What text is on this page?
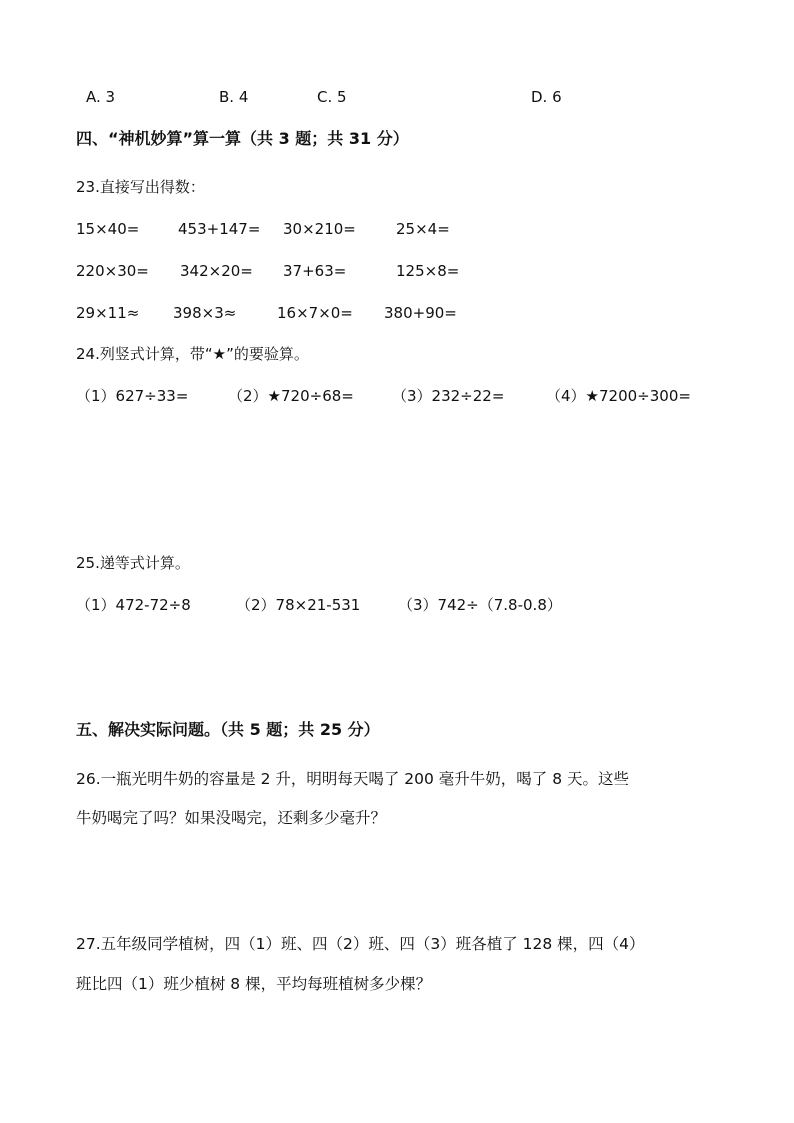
A. 3	B. 4	C. 5	D. 6
四、“神机妙算”算一算（共 3 题；共 31 分）
23.直接写出得数：
15×40=	453+147= 30×210=	25×4=
220×30= 342×20= 37+63=	125×8=
29×11≈ 398×3≈	16×7×0= 380+90=
24.列竖式计算，带“★”的要验算。
（1）627÷33=	（2）★720÷68=	（3）232÷22=	（4）★7200÷300=
25.递等式计算。
（1）472-72÷8	（2）78×21-531	（3）742÷（7.8-0.8）
五、解决实际问题。（共 5 题；共 25 分）
26.一瓶光明牛奶的容量是 2 升，明明每天喝了 200 毫升牛奶，喝了 8 天。这些
牛奶喝完了吗？如果没喝完，还剩多少毫升？
27.五年级同学植树，四（1）班、四（2）班、四（3）班各植了 128 棵，四（4）
班比四（1）班少植树 8 棵，平均每班植树多少棵？
